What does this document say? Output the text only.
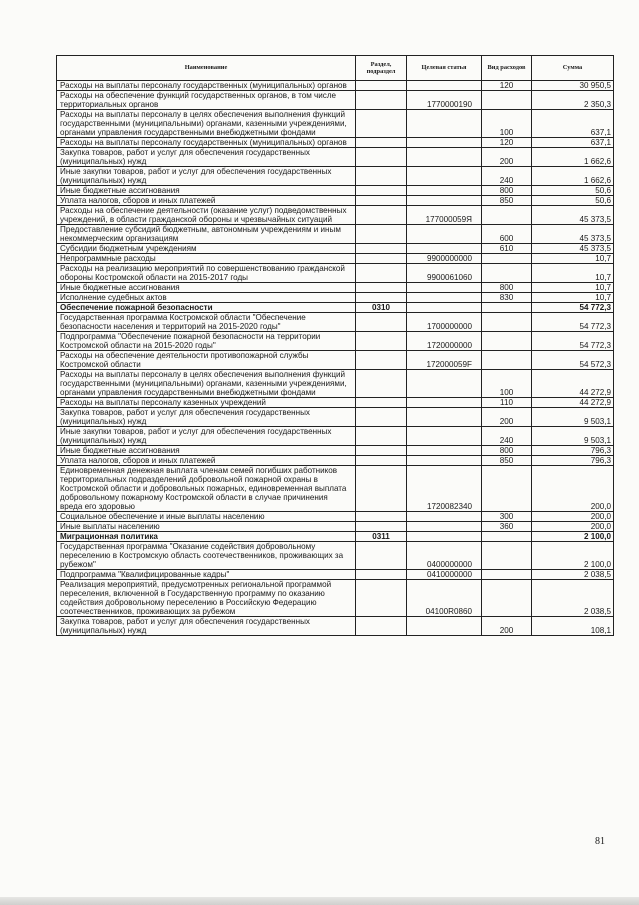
Наименование	Раздел, подраздел	Целевая статья	Вид расходов	Сумма
Расходы на выплаты персоналу государственных (муниципальных) органов			120	30 950,5
Расходы на обеспечение функций государственных органов, в том числе территориальных органов		1770000190		2 350,3
Расходы на выплаты персоналу в целях обеспечения выполнения функций государственными (муниципальными) органами, казенными учреждениями, органами управления государственными внебюджетными фондами			100	637,1
Расходы на выплаты персоналу государственных (муниципальных) органов			120	637,1
Закупка товаров, работ и услуг для обеспечения государственных (муниципальных) нужд			200	1 662,6
Иные закупки товаров, работ и услуг для обеспечения государственных (муниципальных) нужд			240	1 662,6
Иные бюджетные ассигнования			800	50,6
Уплата налогов, сборов и иных платежей			850	50,6
Расходы на обеспечение деятельности (оказание услуг) подведомственных учреждений, в области гражданской обороны и чрезвычайных ситуаций		177000059Я		45 373,5
Предоставление субсидий бюджетным, автономным учреждениям и иным некоммерческим организациям			600	45 373,5
Субсидии бюджетным учреждениям			610	45 373,5
Непрограммные расходы		9900000000		10,7
Расходы на реализацию мероприятий по совершенствованию гражданской обороны Костромской области на 2015-2017 годы		9900061060		10,7
Иные бюджетные ассигнования			800	10,7
Исполнение судебных актов			830	10,7
Обеспечение пожарной безопасности	0310			54 772,3
Государственная программа Костромской области "Обеспечение безопасности населения и территорий на 2015-2020 годы"		1700000000		54 772,3
Подпрограмма "Обеспечение пожарной безопасности на территории Костромской области на 2015-2020 годы"		1720000000		54 772,3
Расходы на обеспечение деятельности противопожарной службы Костромской области		172000059F		54 572,3
Расходы на выплаты персоналу в целях обеспечения выполнения функций государственными (муниципальными) органами, казенными учреждениями, органами управления государственными внебюджетными фондами			100	44 272,9
Расходы на выплаты персоналу казенных учреждений			110	44 272,9
Закупка товаров, работ и услуг для обеспечения государственных (муниципальных) нужд			200	9 503,1
Иные закупки товаров, работ и услуг для обеспечения государственных (муниципальных) нужд			240	9 503,1
Иные бюджетные ассигнования			800	796,3
Уплата налогов, сборов и иных платежей			850	796,3
Единовременная денежная выплата членам семей погибших работников территориальных подразделений добровольной пожарной охраны в Костромской области и добровольных пожарных, единовременная выплата добровольному пожарному Костромской области в случае причинения вреда его здоровью		1720082340		200,0
Социальное обеспечение и иные выплаты населению			300	200,0
Иные выплаты населению			360	200,0
Миграционная политика	0311			2 100,0
Государственная программа "Оказание содействия добровольному переселению в Костромскую область соотечественников, проживающих за рубежом"		0400000000		2 100,0
Подпрограмма "Квалифицированные кадры"		0410000000		2 038,5
Реализация мероприятий, предусмотренных региональной программой переселения, включенной в Государственную программу по оказанию содействия добровольному переселению в Российскую Федерацию соотечественников, проживающих за рубежом		04100R0860		2 038,5
Закупка товаров, работ и услуг для обеспечения государственных (муниципальных) нужд			200	108,1
81
